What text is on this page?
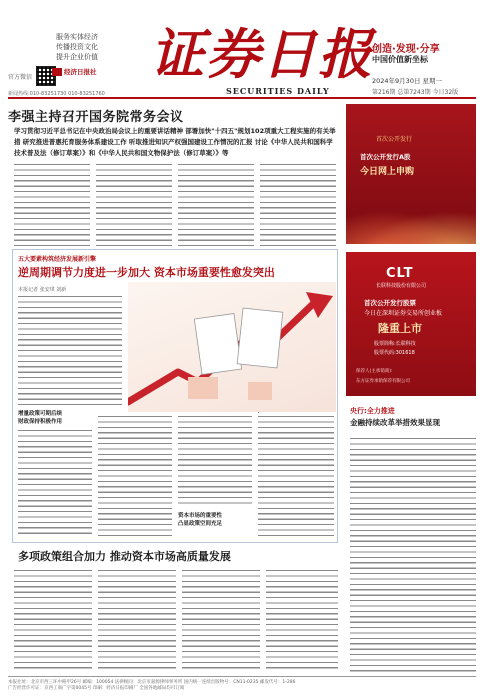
服务实体经济
传播投资文化
提升企业价值
官方微信
经济日报社 证券日报
SECURITIES DAILY
创造·发现·分享
中国价值新坐标
2024年9月30日 星期一
第216期 总第7243期 今日32版
新闻热线:010-83251730 010-83251760
李强主持召开国务院常务会议
学习贯彻习近平总书记在中央政治局会议上的重要讲话精神 部署加快"十四五"规划102项重大工程实施的有关举措 研究推进普惠托育服务体系建设工作 听取推进知识产权强国建设工作情况的汇报 讨论《中华人民共和国科学技术普及法（修订草案）》和《中华人民共和国文物保护法（修订草案）》等
五大要素构筑经济发展新引擎
逆周期调节力度进一步加大 资本市场重要性愈发突出
本报记者 张安琪 刘新
增量政策可期后续
财政保持积极作用
资本市场的重要性
凸显政策空间充足
多项政策组合加力 推动资本市场高质量发展
首次公开发行
首次公开发行A股
今日网上申购
CLT
长联科技股份有限公司
首次公开发行股票
今日在深圳证券交易所创业板
隆重上市
股票简称:长联科技
股票代码:301618
保荐人(主承销商):
东方证券承销保荐有限公司
央行:全力推进
金融持续改革举措效果显现
本报社址：北京市西三环中路甲26号 邮编：100054 法律顾问：北京市嘉源律师事务所 国内统一连续出版物号：CN11-0235 邮发代号：1-286
广告经营许可证：京西工商广字第0045号 印刷：经济日报印刷厂 全国各地邮局均可订阅
